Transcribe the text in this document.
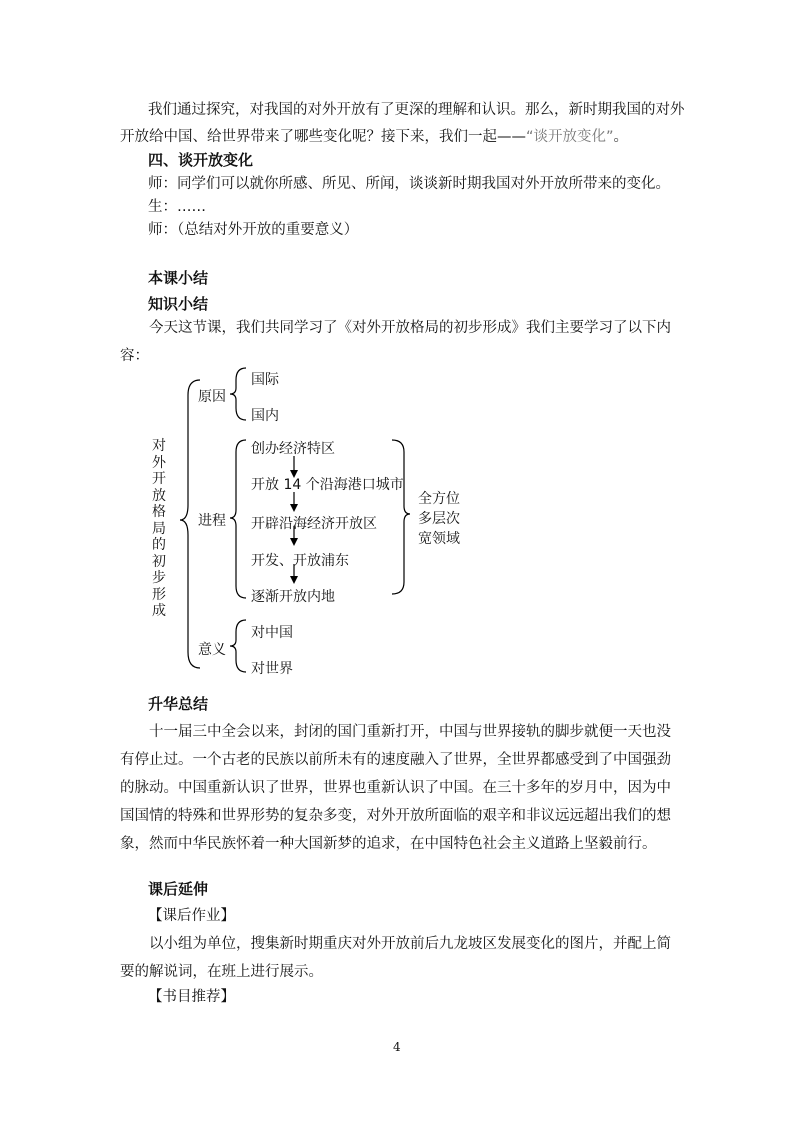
我们通过探究，对我国的对外开放有了更深的理解和认识。那么，新时期我国的对外
开放给中国、给世界带来了哪些变化呢？接下来，我们一起——“谈开放变化”。
四、谈开放变化
师：同学们可以就你所感、所见、所闻，谈谈新时期我国对外开放所带来的变化。
生：……
师：（总结对外开放的重要意义）
本课小结
知识小结
今天这节课，我们共同学习了《对外开放格局的初步形成》我们主要学习了以下内容：
对外开放格局的初步形成
原因
国际
国内
进程
创办经济特区
开放 14 个沿海港口城市
开辟沿海经济开放区
开发、开放浦东
逐渐开放内地
全方位
多层次
宽领域
意义
对中国
对世界
升华总结
十一届三中全会以来，封闭的国门重新打开，中国与世界接轨的脚步就便一天也没有停止过。一个古老的民族以前所未有的速度融入了世界，全世界都感受到了中国强劲的脉动。中国重新认识了世界，世界也重新认识了中国。在三十多年的岁月中，因为中国国情的特殊和世界形势的复杂多变，对外开放所面临的艰辛和非议远远超出我们的想象，然而中华民族怀着一种大国新梦的追求，在中国特色社会主义道路上坚毅前行。
课后延伸
【课后作业】
以小组为单位，搜集新时期重庆对外开放前后九龙坡区发展变化的图片，并配上简要的解说词，在班上进行展示。
【书目推荐】
4
